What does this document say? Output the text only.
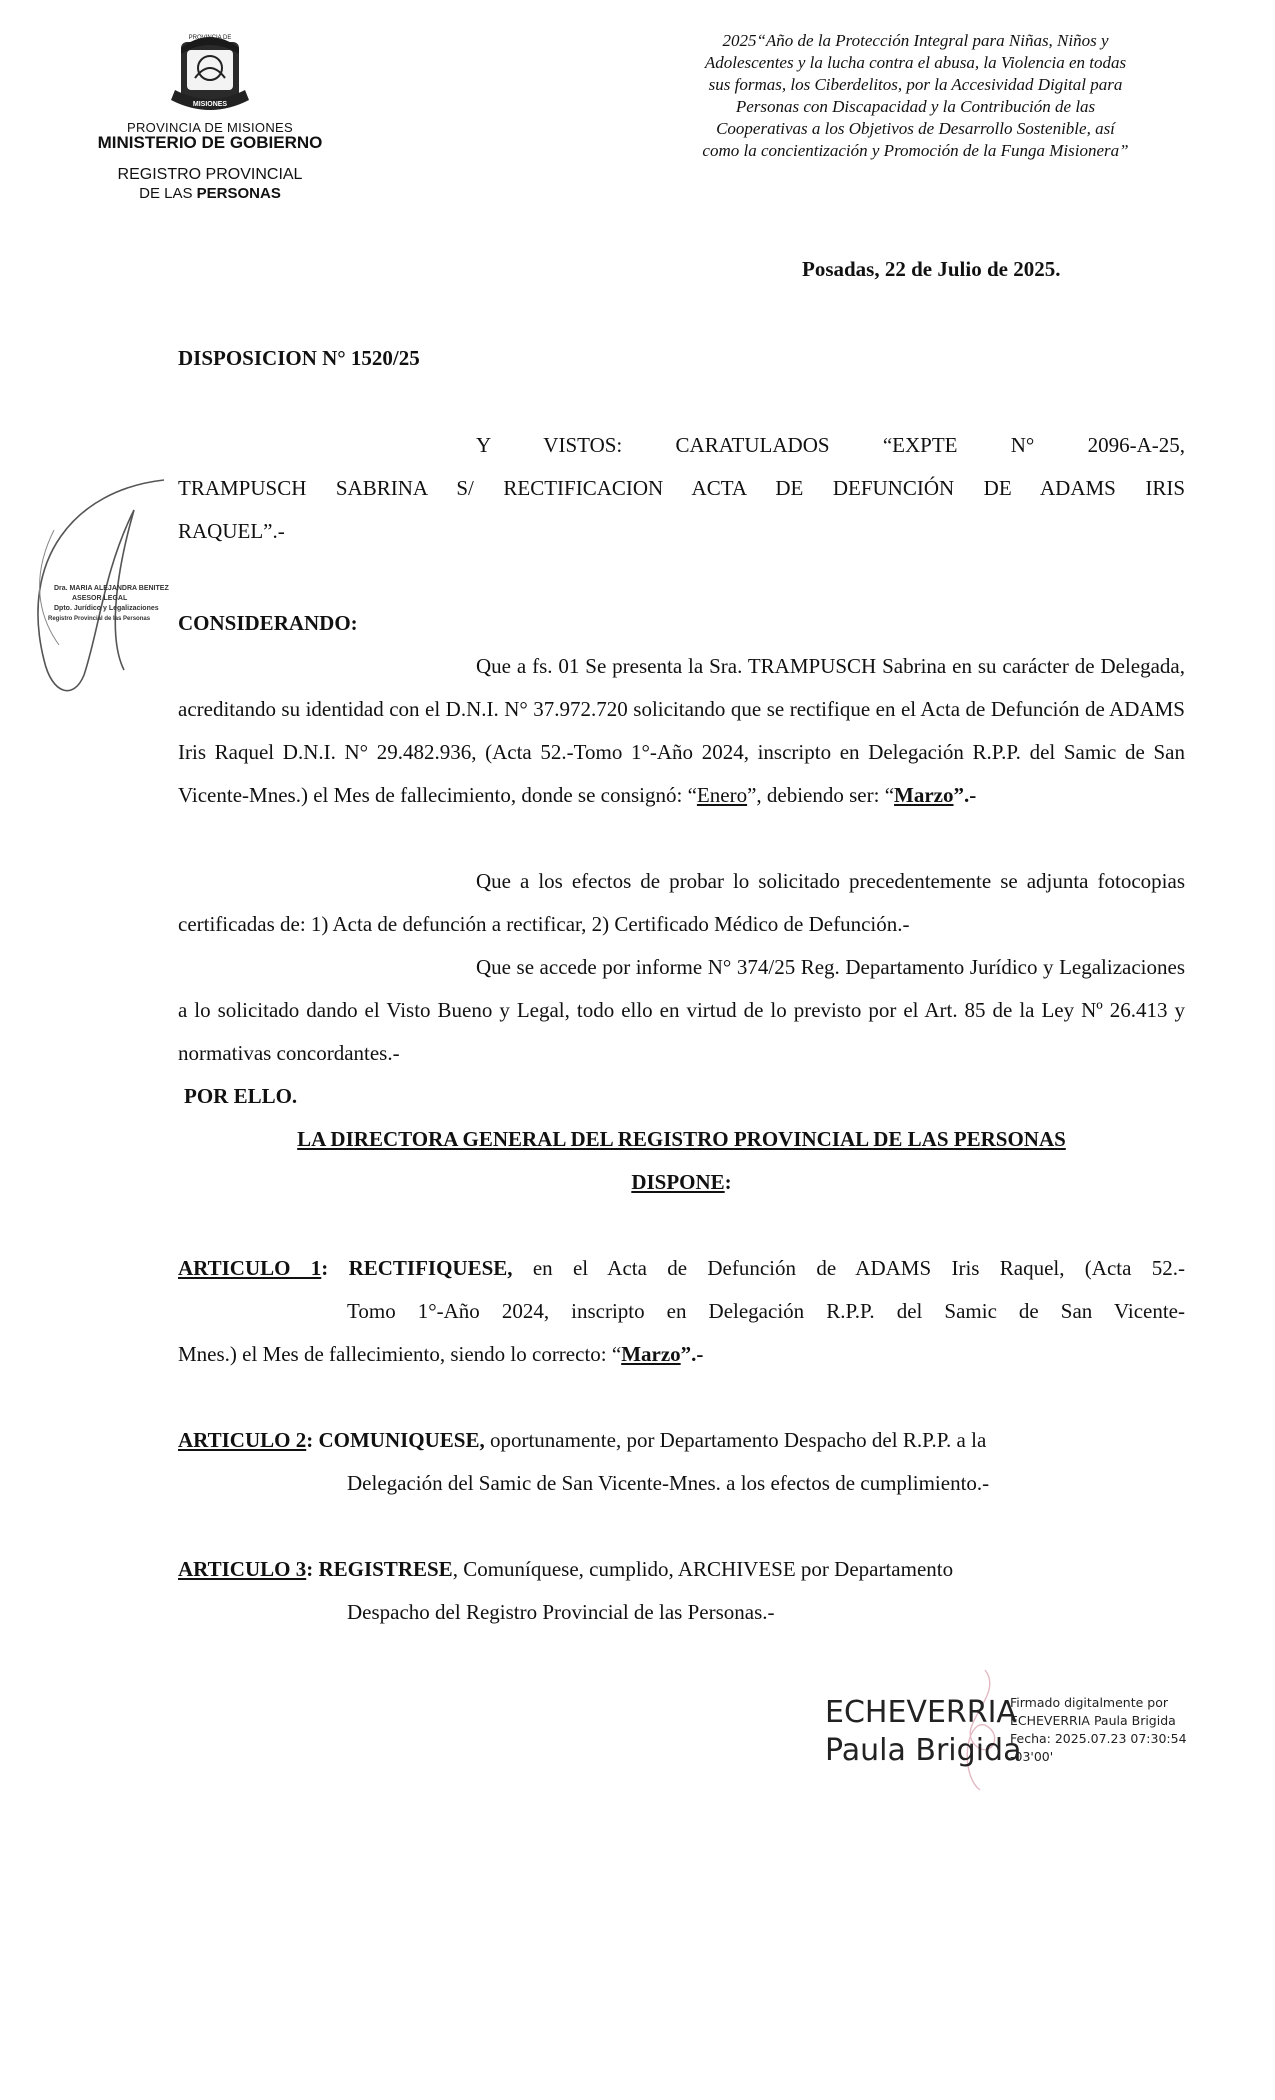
PROVINCIA DE
MISIONES
PROVINCIA DE MISIONES
MINISTERIO DE GOBIERNO
REGISTRO PROVINCIAL
DE LAS PERSONAS
2025“Año de la Protección Integral para Niñas, Niños y
Adolescentes y la lucha contra el abusa, la Violencia en todas
sus formas, los Ciberdelitos, por la Accesividad Digital para
Personas con Discapacidad y la Contribución de las
Cooperativas a los Objetivos de Desarrollo Sostenible, así
como la concientización y Promoción de la Funga Misionera”
Posadas, 22 de Julio de 2025.
DISPOSICION N° 1520/25
Y VISTOS: CARATULADOS “EXPTE N° 2096-A-25,
TRAMPUSCH SABRINA S/ RECTIFICACION ACTA DE DEFUNCIÓN DE ADAMS IRIS
RAQUEL”.-
CONSIDERANDO:
Que a fs. 01 Se presenta la Sra. TRAMPUSCH Sabrina en su carácter de Delegada, acreditando su identidad con el D.N.I. N° 37.972.720 solicitando que se rectifique en el Acta de Defunción de ADAMS Iris Raquel D.N.I. N° 29.482.936, (Acta 52.-Tomo 1°-Año 2024, inscripto en Delegación R.P.P. del Samic de San Vicente-Mnes.) el Mes de fallecimiento, donde se consignó: “Enero”, debiendo ser: “Marzo”.-
Que a los efectos de probar lo solicitado precedentemente se adjunta fotocopias certificadas de: 1) Acta de defunción a rectificar, 2) Certificado Médico de Defunción.-
Que se accede por informe N° 374/25 Reg. Departamento Jurídico y Legalizaciones a lo solicitado dando el Visto Bueno y Legal, todo ello en virtud de lo previsto por el Art. 85 de la Ley Nº 26.413 y normativas concordantes.-
POR ELLO.
LA DIRECTORA GENERAL DEL REGISTRO PROVINCIAL DE LAS PERSONAS
DISPONE:
ARTICULO 1: RECTIFIQUESE, en el Acta de Defunción de ADAMS Iris Raquel, (Acta 52.-
Tomo 1°-Año 2024, inscripto en Delegación R.P.P. del Samic de San Vicente-
Mnes.) el Mes de fallecimiento, siendo lo correcto: “Marzo”.-
ARTICULO 2: COMUNIQUESE, oportunamente, por Departamento Despacho del R.P.P. a la
Delegación del Samic de San Vicente-Mnes. a los efectos de cumplimiento.-
ARTICULO 3: REGISTRESE, Comuníquese, cumplido, ARCHIVESE por Departamento
Despacho del Registro Provincial de las Personas.-
Dra. MARIA ALEJANDRA BENITEZ
ASESOR LEGAL
Dpto. Jurídico y Legalizaciones
Registro Provincial de las Personas
ECHEVERRIA
Paula Brigida
Firmado digitalmente por
ECHEVERRIA Paula Brigida
Fecha: 2025.07.23 07:30:54
-03'00'
